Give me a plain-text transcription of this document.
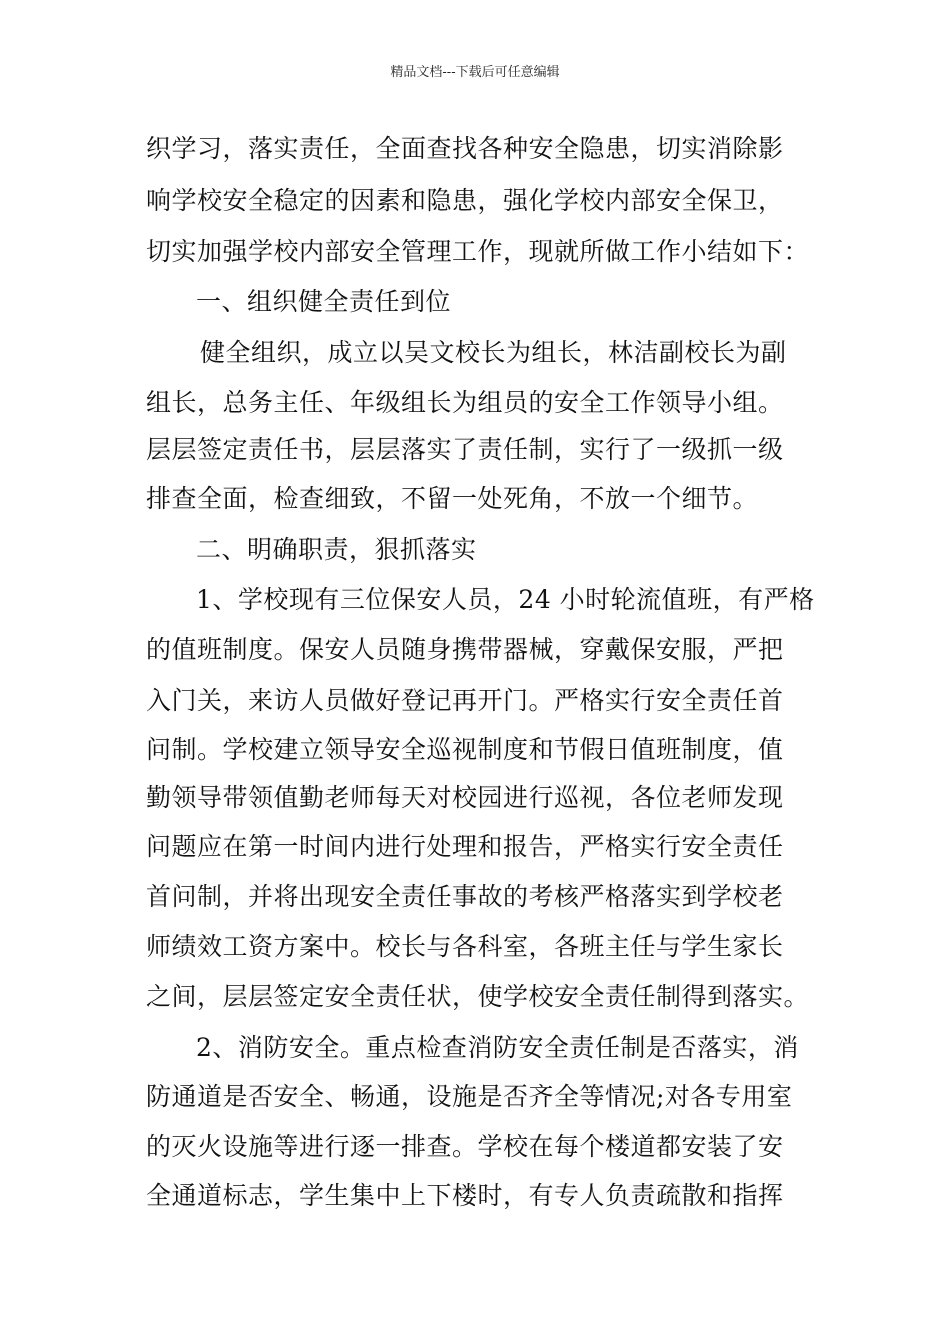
精品文档---下载后可任意编辑
织学习，落实责任，全面查找各种安全隐患，切实消除影
响学校安全稳定的因素和隐患，强化学校内部安全保卫，
切实加强学校内部安全管理工作，现就所做工作小结如下：
一、组织健全责任到位
健全组织，成立以吴文校长为组长，林洁副校长为副
组长，总务主任、年级组长为组员的安全工作领导小组。
层层签定责任书，层层落实了责任制，实行了一级抓一级
排查全面，检查细致，不留一处死角，不放一个细节。
二、明确职责，狠抓落实
1、学校现有三位保安人员，24 小时轮流值班，有严格
的值班制度。保安人员随身携带器械，穿戴保安服，严把
入门关，来访人员做好登记再开门。严格实行安全责任首
问制。学校建立领导安全巡视制度和节假日值班制度，值
勤领导带领值勤老师每天对校园进行巡视，各位老师发现
问题应在第一时间内进行处理和报告，严格实行安全责任
首问制，并将出现安全责任事故的考核严格落实到学校老
师绩效工资方案中。校长与各科室，各班主任与学生家长
之间，层层签定安全责任状，使学校安全责任制得到落实。
2、消防安全。重点检查消防安全责任制是否落实，消
防通道是否安全、畅通，设施是否齐全等情况;对各专用室
的灭火设施等进行逐一排查。学校在每个楼道都安装了安
全通道标志，学生集中上下楼时，有专人负责疏散和指挥
